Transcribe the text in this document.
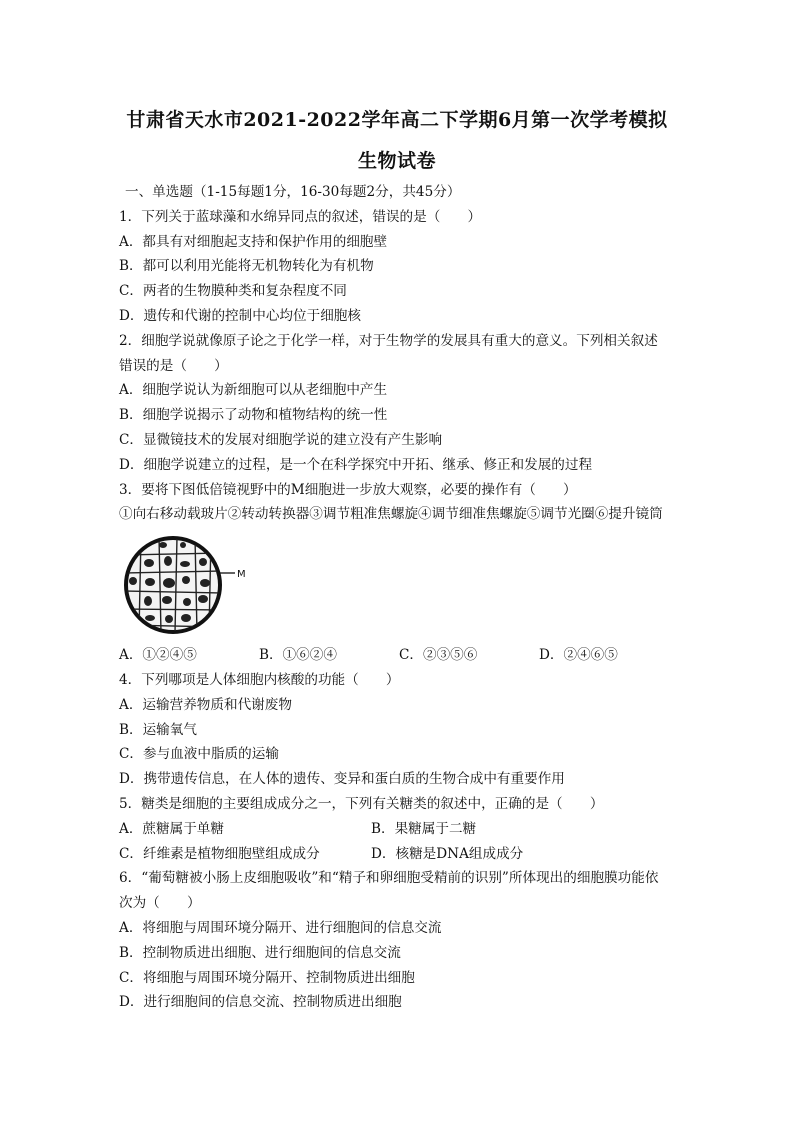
甘肃省天水市2021-2022学年高二下学期6月第一次学考模拟
生物试卷
一、单选题（1-15每题1分，16-30每题2分，共45分）
1．下列关于蓝球藻和水绵异同点的叙述，错误的是（　　）
A．都具有对细胞起支持和保护作用的细胞壁
B．都可以利用光能将无机物转化为有机物
C．两者的生物膜种类和复杂程度不同
D．遗传和代谢的控制中心均位于细胞核
2．细胞学说就像原子论之于化学一样，对于生物学的发展具有重大的意义。下列相关叙述
错误的是（　　）
A．细胞学说认为新细胞可以从老细胞中产生
B．细胞学说揭示了动物和植物结构的统一性
C．显微镜技术的发展对细胞学说的建立没有产生影响
D．细胞学说建立的过程，是一个在科学探究中开拓、继承、修正和发展的过程
3．要将下图低倍镜视野中的M细胞进一步放大观察，必要的操作有（　　）
①向右移动载玻片②转动转换器③调节粗准焦螺旋④调节细准焦螺旋⑤调节光圈⑥提升镜筒
M
A．①②④⑤	B．①⑥②④	C．②③⑤⑥	D．②④⑥⑤
4．下列哪项是人体细胞内核酸的功能（　　）
A．运输营养物质和代谢废物
B．运输氧气
C．参与血液中脂质的运输
D．携带遗传信息，在人体的遗传、变异和蛋白质的生物合成中有重要作用
5．糖类是细胞的主要组成成分之一，下列有关糖类的叙述中，正确的是（　　）
A．蔗糖属于单糖	B．果糖属于二糖
C．纤维素是植物细胞壁组成成分	D．核糖是DNA组成成分
6．“葡萄糖被小肠上皮细胞吸收”和“精子和卵细胞受精前的识别”所体现出的细胞膜功能依
次为（　　）
A．将细胞与周围环境分隔开、进行细胞间的信息交流
B．控制物质进出细胞、进行细胞间的信息交流
C．将细胞与周围环境分隔开、控制物质进出细胞
D．进行细胞间的信息交流、控制物质进出细胞
